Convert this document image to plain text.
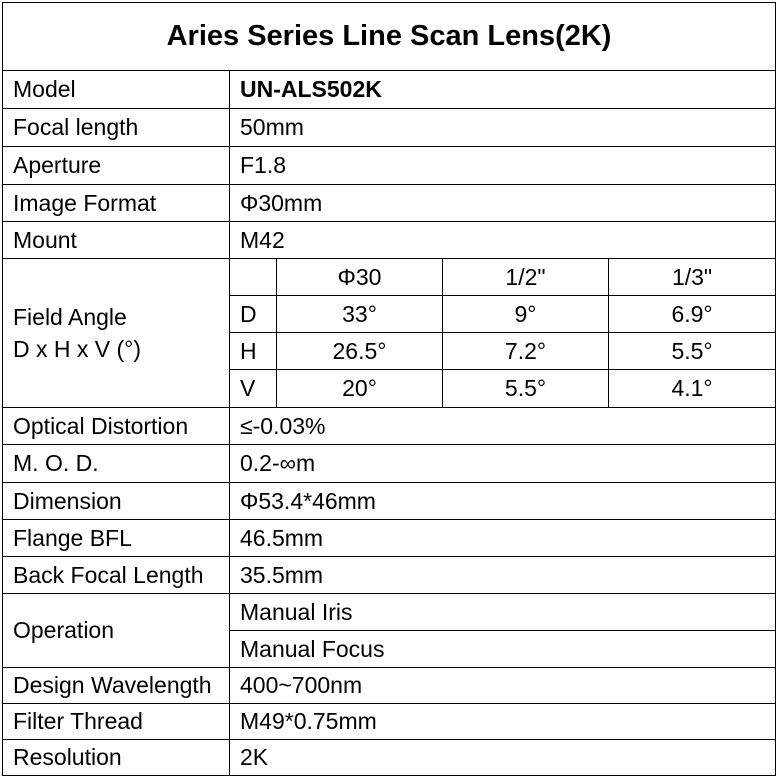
Aries Series Line Scan Lens(2K)				
Model	UN-ALS502K			
Focal length	50mm			
Aperture	F1.8			
Image Format	Φ30mm			
Mount	M42			

Field Angle
D x H x V (°)		Φ30	1/2"	1/3"
	D	33°	9°	6.9°
	H	26.5°	7.2°	5.5°
	V	20°	5.5°	4.1°
Optical Distortion	≤-0.03%			
M. O. D.	0.2-∞m			
Dimension	Φ53.4*46mm			
Flange BFL	46.5mm			
Back Focal Length	35.5mm			
Operation	Manual Iris			
	Manual Focus			
Design Wavelength	400~700nm			
Filter Thread	M49*0.75mm			
Resolution	2K			
